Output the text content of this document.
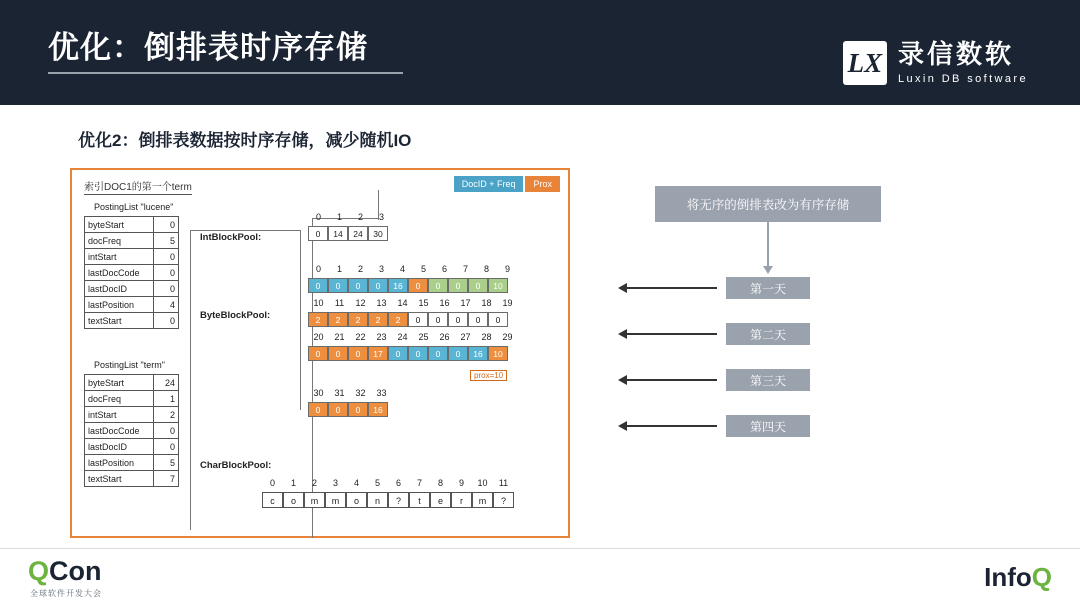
优化：倒排表时序存储	LX 录信数软
Luxin DB software
优化2：倒排表数据按时序存储，减少随机IO
索引DOC1的第一个term	DocID + Freq	Prox
PostingList "lucene"
byteStart	0
docFreq	5
intStart	0
lastDocCode	0
lastDocID	0
lastPosition	4
textStart	0
PostingList "term"
byteStart	24
docFreq	1
intStart	2
lastDocCode	0
lastDocID	0
lastPosition	5
textStart	7
IntBlockPool:
0	1	2	3
0	14	24	30
ByteBlockPool:
0	1	2	3	4	5	6	7	8	9
0	0	0	0	16	0	0	0	0	10
10	11	12	13	14	15	16	17	18	19
2	2	2	2	2	0	0	0	0	0
20	21	22	23	24	25	26	27	28	29
0	0	0	17	0	0	0	0	16	10
prox=10
30	31	32	33
0	0	0	16
CharBlockPool:
0	1	2	3	4	5	6	7	8	9	10	11
c	o	m	m	o	n	?	t	e	r	m	?
将无序的倒排表改为有序存储
第一天
第二天
第三天
第四天
QCon
全球软件开发大会
InfoQ
